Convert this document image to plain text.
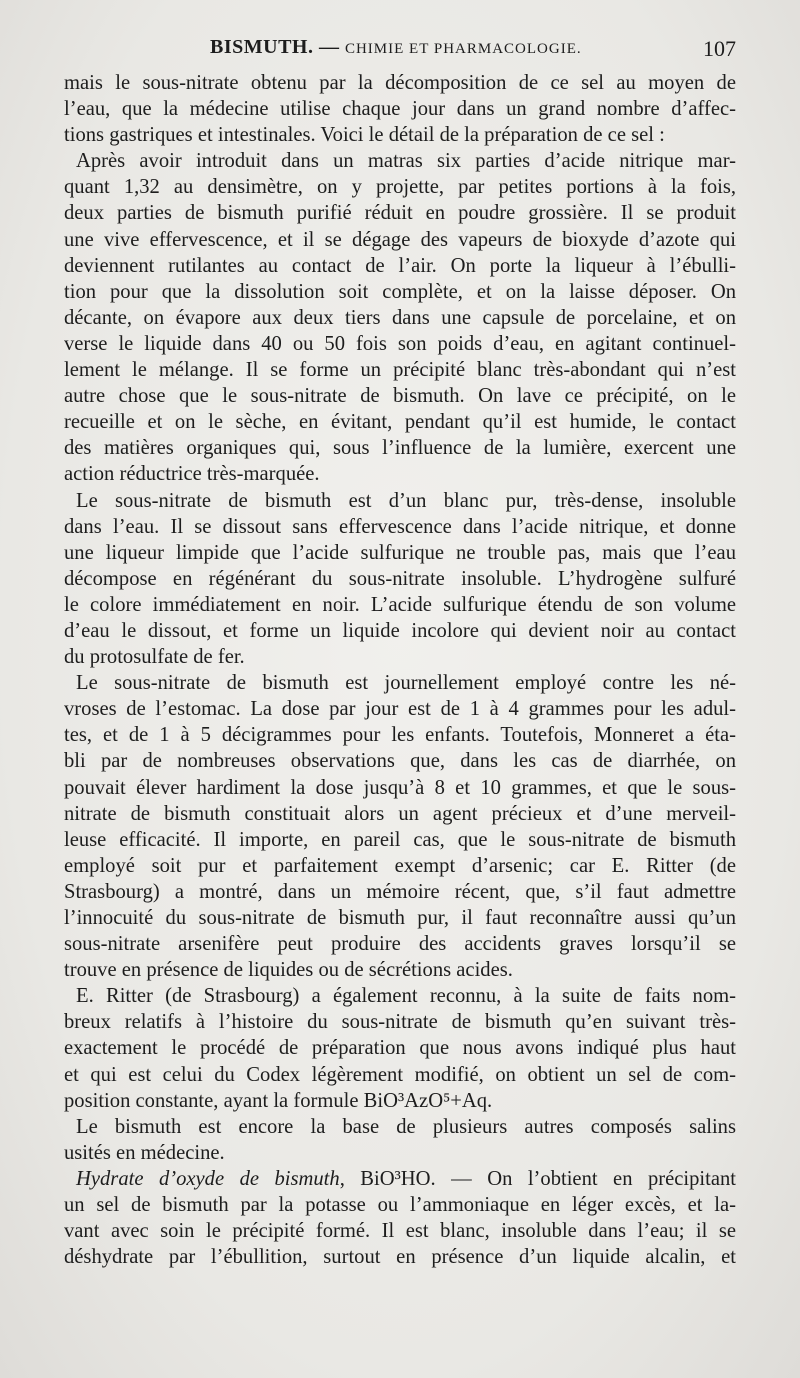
BISMUTH. — CHIMIE ET PHARMACOLOGIE.	107
mais le sous-nitrate obtenu par la décomposition de ce sel au moyen de
l’eau, que la médecine utilise chaque jour dans un grand nombre d’affec-
tions gastriques et intestinales. Voici le détail de la préparation de ce sel :
Après avoir introduit dans un matras six parties d’acide nitrique mar-
quant 1,32 au densimètre, on y projette, par petites portions à la fois,
deux parties de bismuth purifié réduit en poudre grossière. Il se produit
une vive effervescence, et il se dégage des vapeurs de bioxyde d’azote qui
deviennent rutilantes au contact de l’air. On porte la liqueur à l’ébulli-
tion pour que la dissolution soit complète, et on la laisse déposer. On
décante, on évapore aux deux tiers dans une capsule de porcelaine, et on
verse le liquide dans 40 ou 50 fois son poids d’eau, en agitant continuel-
lement le mélange. Il se forme un précipité blanc très-abondant qui n’est
autre chose que le sous-nitrate de bismuth. On lave ce précipité, on le
recueille et on le sèche, en évitant, pendant qu’il est humide, le contact
des matières organiques qui, sous l’influence de la lumière, exercent une
action réductrice très-marquée.
Le sous-nitrate de bismuth est d’un blanc pur, très-dense, insoluble
dans l’eau. Il se dissout sans effervescence dans l’acide nitrique, et donne
une liqueur limpide que l’acide sulfurique ne trouble pas, mais que l’eau
décompose en régénérant du sous-nitrate insoluble. L’hydrogène sulfuré
le colore immédiatement en noir. L’acide sulfurique étendu de son volume
d’eau le dissout, et forme un liquide incolore qui devient noir au contact
du protosulfate de fer.
Le sous-nitrate de bismuth est journellement employé contre les né-
vroses de l’estomac. La dose par jour est de 1 à 4 grammes pour les adul-
tes, et de 1 à 5 décigrammes pour les enfants. Toutefois, Monneret a éta-
bli par de nombreuses observations que, dans les cas de diarrhée, on
pouvait élever hardiment la dose jusqu’à 8 et 10 grammes, et que le sous-
nitrate de bismuth constituait alors un agent précieux et d’une merveil-
leuse efficacité. Il importe, en pareil cas, que le sous-nitrate de bismuth
employé soit pur et parfaitement exempt d’arsenic; car E. Ritter (de
Strasbourg) a montré, dans un mémoire récent, que, s’il faut admettre
l’innocuité du sous-nitrate de bismuth pur, il faut reconnaître aussi qu’un
sous-nitrate arsenifère peut produire des accidents graves lorsqu’il se
trouve en présence de liquides ou de sécrétions acides.
E. Ritter (de Strasbourg) a également reconnu, à la suite de faits nom-
breux relatifs à l’histoire du sous-nitrate de bismuth qu’en suivant très-
exactement le procédé de préparation que nous avons indiqué plus haut
et qui est celui du Codex légèrement modifié, on obtient un sel de com-
position constante, ayant la formule BiO³AzO⁵+Aq.
Le bismuth est encore la base de plusieurs autres composés salins
usités en médecine.
Hydrate d’oxyde de bismuth, BiO³HO. — On l’obtient en précipitant
un sel de bismuth par la potasse ou l’ammoniaque en léger excès, et la-
vant avec soin le précipité formé. Il est blanc, insoluble dans l’eau; il se
déshydrate par l’ébullition, surtout en présence d’un liquide alcalin, et
